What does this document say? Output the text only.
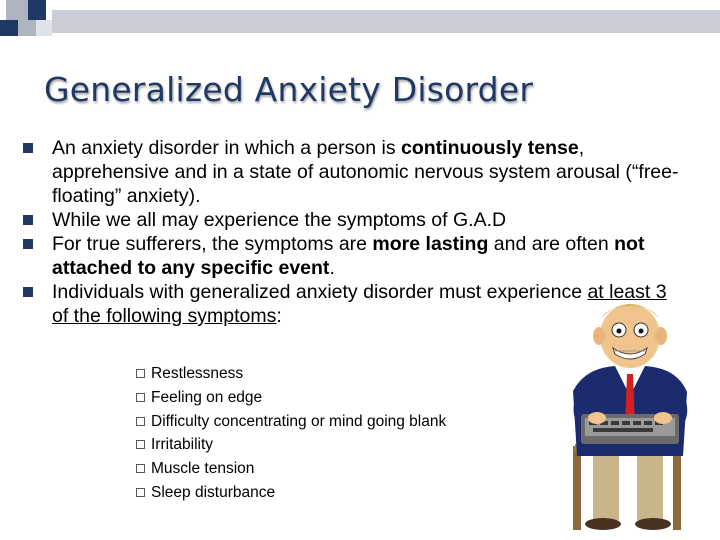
Generalized Anxiety Disorder
An anxiety disorder in which a person is continuously tense, apprehensive and in a state of autonomic nervous system arousal (“free-floating” anxiety).
While we all may experience the symptoms of G.A.D
For true sufferers, the symptoms are more lasting and are often not attached to any specific event.
Individuals with generalized anxiety disorder must experience at least 3 of the following symptoms:
Restlessness
Feeling on edge
Difficulty concentrating or mind going blank
Irritability
Muscle tension
Sleep disturbance
